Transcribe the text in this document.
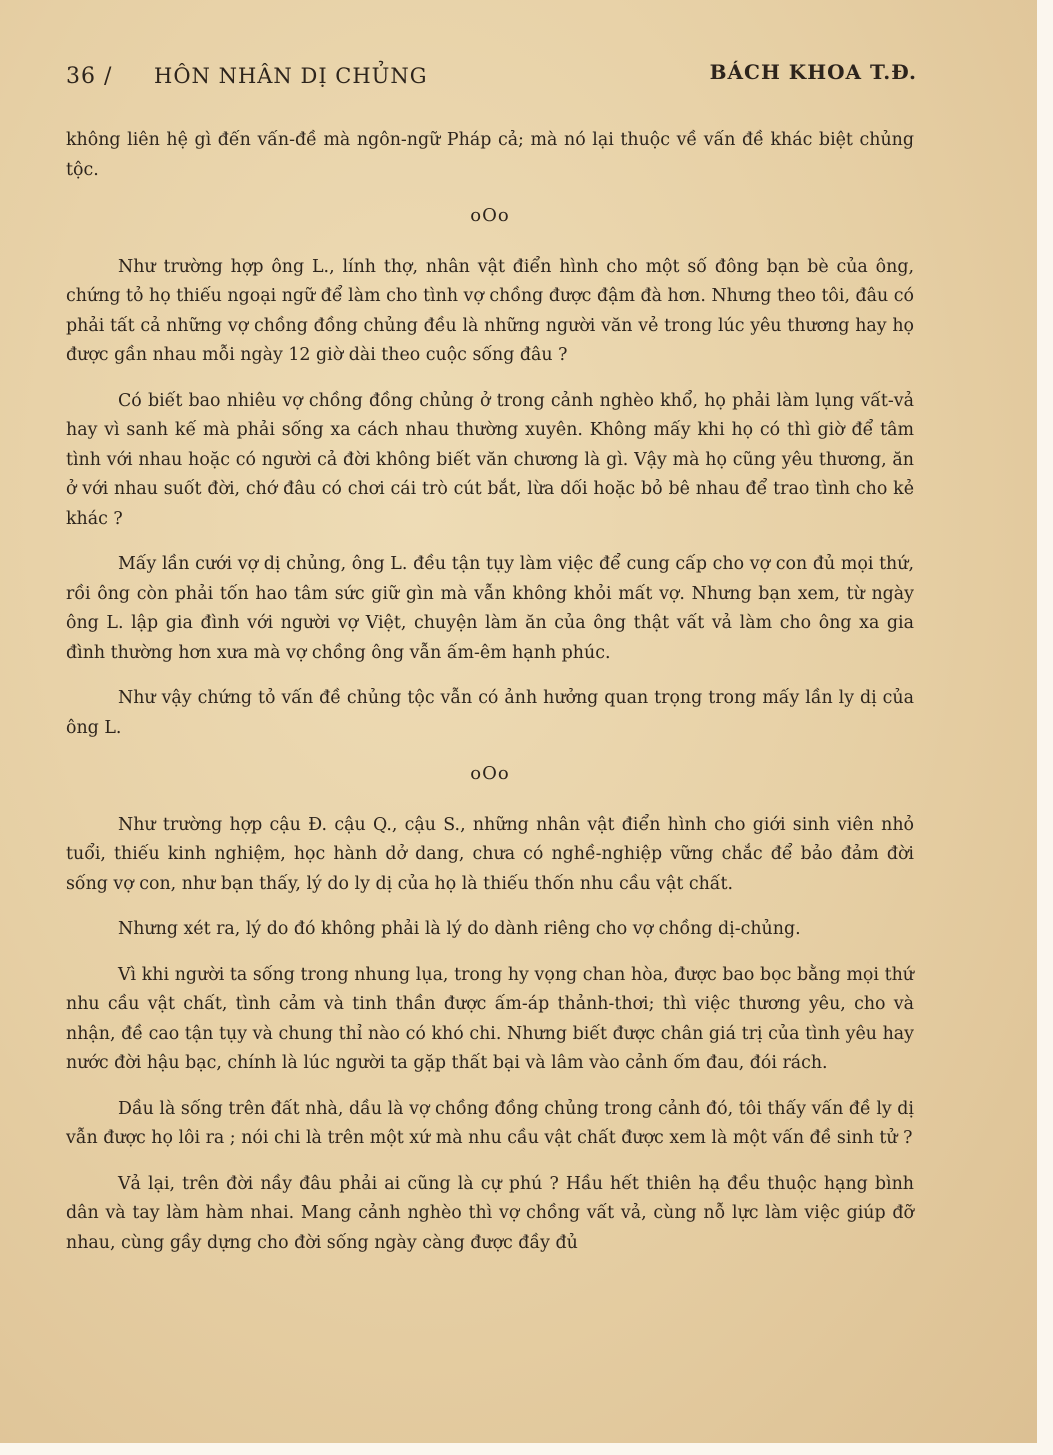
36 / HÔN NHÂN DỊ CHỦNG	BÁCH KHOA T.Đ.

không liên hệ gì đến vấn-đề mà ngôn-ngữ Pháp cả; mà nó lại thuộc về vấn đề khác biệt chủng tộc.

oOo

Như trường hợp ông L., lính thợ, nhân vật điển hình cho một số đông bạn bè của ông, chứng tỏ họ thiếu ngoại ngữ để làm cho tình vợ chồng được đậm đà hơn. Nhưng theo tôi, đâu có phải tất cả những vợ chồng đồng chủng đều là những người văn vẻ trong lúc yêu thương hay họ được gần nhau mỗi ngày 12 giờ dài theo cuộc sống đâu ?

Có biết bao nhiêu vợ chồng đồng chủng ở trong cảnh nghèo khổ, họ phải làm lụng vất-vả hay vì sanh kế mà phải sống xa cách nhau thường xuyên. Không mấy khi họ có thì giờ để tâm tình với nhau hoặc có người cả đời không biết văn chương là gì. Vậy mà họ cũng yêu thương, ăn ở với nhau suốt đời, chớ đâu có chơi cái trò cút bắt, lừa dối hoặc bỏ bê nhau để trao tình cho kẻ khác ?

Mấy lần cưới vợ dị chủng, ông L. đều tận tụy làm việc để cung cấp cho vợ con đủ mọi thứ, rồi ông còn phải tốn hao tâm sức giữ gìn mà vẫn không khỏi mất vợ. Nhưng bạn xem, từ ngày ông L. lập gia đình với người vợ Việt, chuyện làm ăn của ông thật vất vả làm cho ông xa gia đình thường hơn xưa mà vợ chồng ông vẫn ấm-êm hạnh phúc.

Như vậy chứng tỏ vấn đề chủng tộc vẫn có ảnh hưởng quan trọng trong mấy lần ly dị của ông L.

oOo

Như trường hợp cậu Đ. cậu Q., cậu S., những nhân vật điển hình cho giới sinh viên nhỏ tuổi, thiếu kinh nghiệm, học hành dở dang, chưa có nghề-nghiệp vững chắc để bảo đảm đời sống vợ con, như bạn thấy, lý do ly dị của họ là thiếu thốn nhu cầu vật chất.

Nhưng xét ra, lý do đó không phải là lý do dành riêng cho vợ chồng dị-chủng.

Vì khi người ta sống trong nhung lụa, trong hy vọng chan hòa, được bao bọc bằng mọi thứ nhu cầu vật chất, tình cảm và tinh thần được ấm-áp thảnh-thơi; thì việc thương yêu, cho và nhận, đề cao tận tụy và chung thỉ nào có khó chi. Nhưng biết được chân giá trị của tình yêu hay nước đời hậu bạc, chính là lúc người ta gặp thất bại và lâm vào cảnh ốm đau, đói rách.

Dầu là sống trên đất nhà, dầu là vợ chồng đồng chủng trong cảnh đó, tôi thấy vấn đề ly dị vẫn được họ lôi ra ; nói chi là trên một xứ mà nhu cầu vật chất được xem là một vấn đề sinh tử ?

Vả lại, trên đời nầy đâu phải ai cũng là cự phú ? Hầu hết thiên hạ đều thuộc hạng bình dân và tay làm hàm nhai. Mang cảnh nghèo thì vợ chồng vất vả, cùng nỗ lực làm việc giúp đỡ nhau, cùng gầy dựng cho đời sống ngày càng được đầy đủ
